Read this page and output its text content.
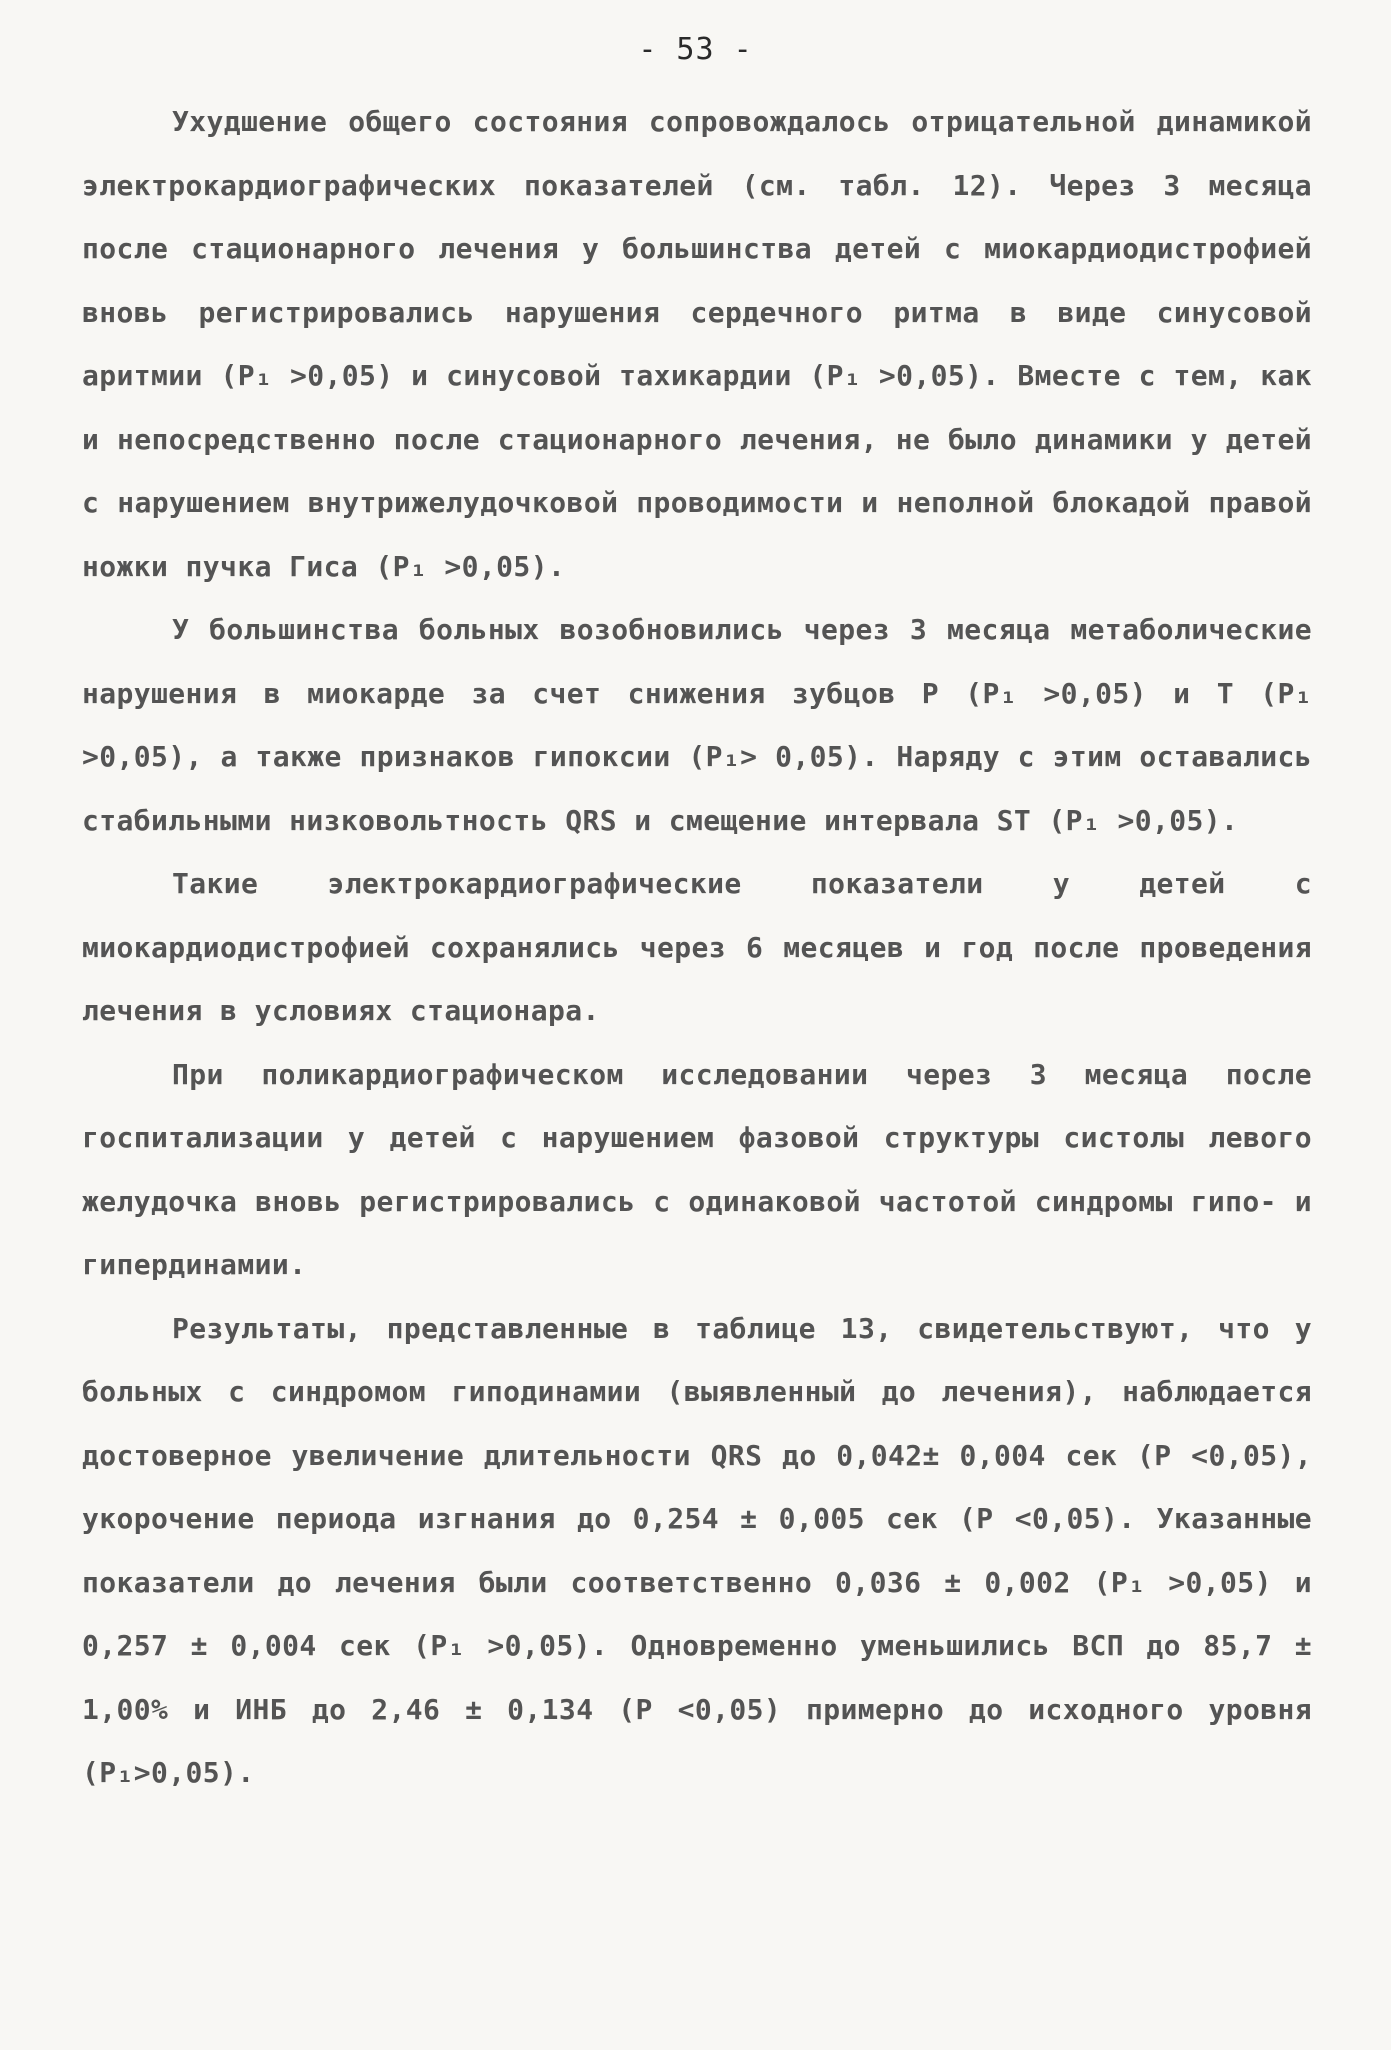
- 53 -

Ухудшение общего состояния сопровождалось отрицательной динамикой электрокардиографических показателей (см. табл. 12). Через 3 месяца после стационарного лечения у большинства детей с миокардиодистрофией вновь регистрировались нарушения сердечного ритма в виде синусовой аритмии (P₁ >0,05) и синусовой тахикардии (P₁ >0,05). Вместе с тем, как и непосредственно после стационарного лечения, не было динамики у детей с нарушением внутрижелудочковой проводимости и неполной блокадой правой ножки пучка Гиса (P₁ >0,05).

У большинства больных возобновились через 3 месяца метаболические нарушения в миокарде за счет снижения зубцов P (P₁ >0,05) и T (P₁ >0,05), а также признаков гипоксии (P₁> 0,05). Наряду с этим оставались стабильными низковольтность QRS и смещение интервала ST (P₁ >0,05).

Такие электрокардиографические показатели у детей с миокардиодистрофией сохранялись через 6 месяцев и год после проведения лечения в условиях стационара.

При поликардиографическом исследовании через 3 месяца после госпитализации у детей с нарушением фазовой структуры систолы левого желудочка вновь регистрировались с одинаковой частотой синдромы гипо- и гипердинамии.

Результаты, представленные в таблице 13, свидетельствуют, что у больных с синдромом гиподинамии (выявленный до лечения), наблюдается достоверное увеличение длительности QRS до 0,042± 0,004 сек (P <0,05), укорочение периода изгнания до 0,254 ± 0,005 сек (P <0,05). Указанные показатели до лечения были соответственно 0,036 ± 0,002 (P₁ >0,05) и 0,257 ± 0,004 сек (P₁ >0,05). Одновременно уменьшились ВСП до 85,7 ± 1,00% и ИНБ до 2,46 ± 0,134 (P <0,05) примерно до исходного уровня (P₁>0,05).
